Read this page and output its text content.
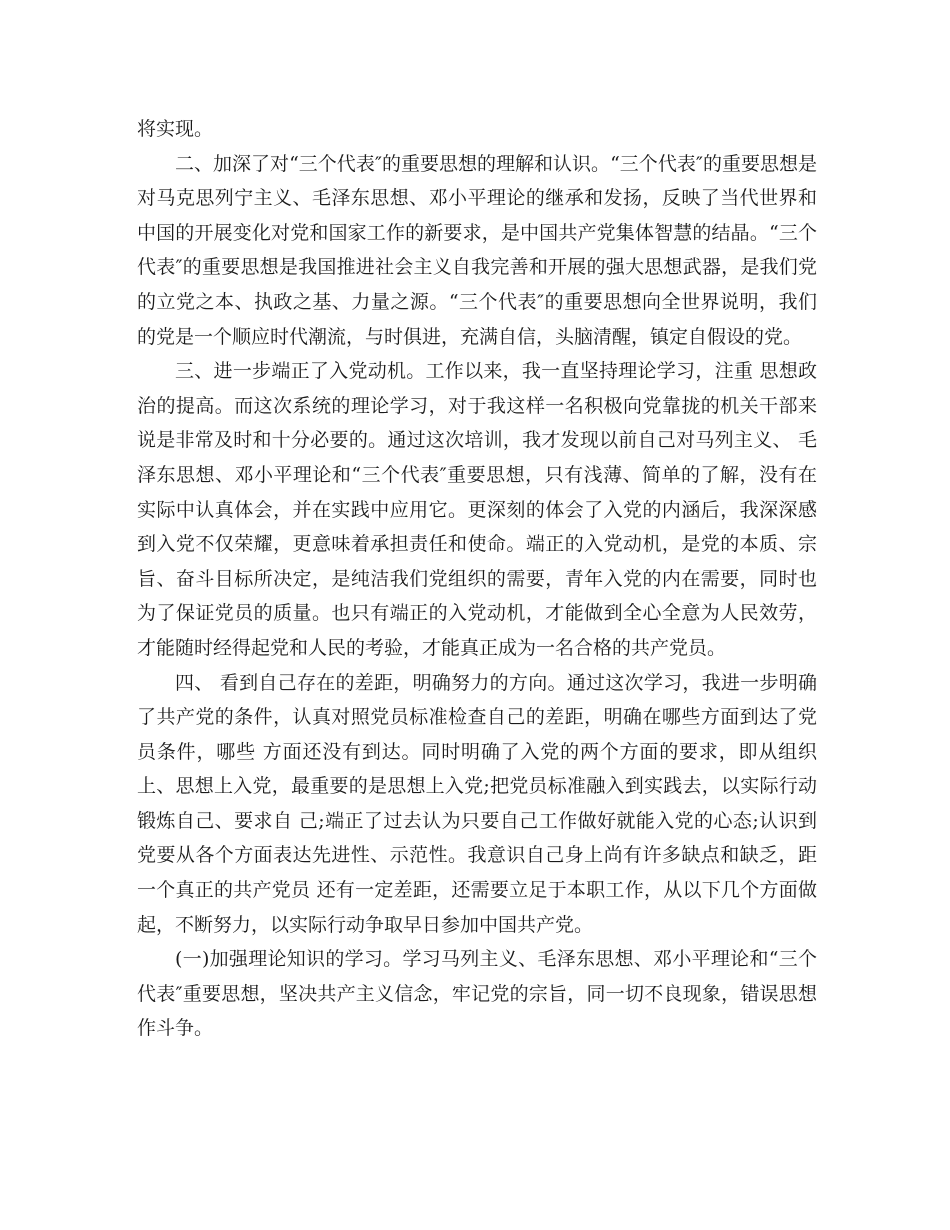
将实现。

二、加深了对“三个代表″的重要思想的理解和认识。“三个代表″的重要思想是对马克思列宁主义、毛泽东思想、邓小平理论的继承和发扬，反映了当代世界和中国的开展变化对党和国家工作的新要求，是中国共产党集体智慧的结晶。“三个代表″的重要思想是我国推进社会主义自我完善和开展的强大思想武器，是我们党的立党之本、执政之基、力量之源。“三个代表″的重要思想向全世界说明，我们的党是一个顺应时代潮流，与时俱进，充满自信，头脑清醒，镇定自假设的党。

三、进一步端正了入党动机。工作以来，我一直坚持理论学习，注重 思想政治的提高。而这次系统的理论学习，对于我这样一名积极向党靠拢的机关干部来说是非常及时和十分必要的。通过这次培训，我才发现以前自己对马列主义、 毛泽东思想、邓小平理论和“三个代表″重要思想，只有浅薄、简单的了解，没有在实际中认真体会，并在实践中应用它。更深刻的体会了入党的内涵后，我深深感 到入党不仅荣耀，更意味着承担责任和使命。端正的入党动机，是党的本质、宗旨、奋斗目标所决定，是纯洁我们党组织的需要，青年入党的内在需要，同时也为了保证党员的质量。也只有端正的入党动机，才能做到全心全意为人民效劳，才能随时经得起党和人民的考验，才能真正成为一名合格的共产党员。

四、 看到自己存在的差距，明确努力的方向。通过这次学习，我进一步明确了共产党的条件，认真对照党员标准检查自己的差距，明确在哪些方面到达了党员条件，哪些 方面还没有到达。同时明确了入党的两个方面的要求，即从组织上、思想上入党，最重要的是思想上入党;把党员标准融入到实践去，以实际行动锻炼自己、要求自 己;端正了过去认为只要自己工作做好就能入党的心态;认识到党要从各个方面表达先进性、示范性。我意识自己身上尚有许多缺点和缺乏，距一个真正的共产党员 还有一定差距，还需要立足于本职工作，从以下几个方面做起，不断努力，以实际行动争取早日参加中国共产党。

(一)加强理论知识的学习。学习马列主义、毛泽东思想、邓小平理论和“三个代表″重要思想，坚决共产主义信念，牢记党的宗旨，同一切不良现象，错误思想作斗争。
